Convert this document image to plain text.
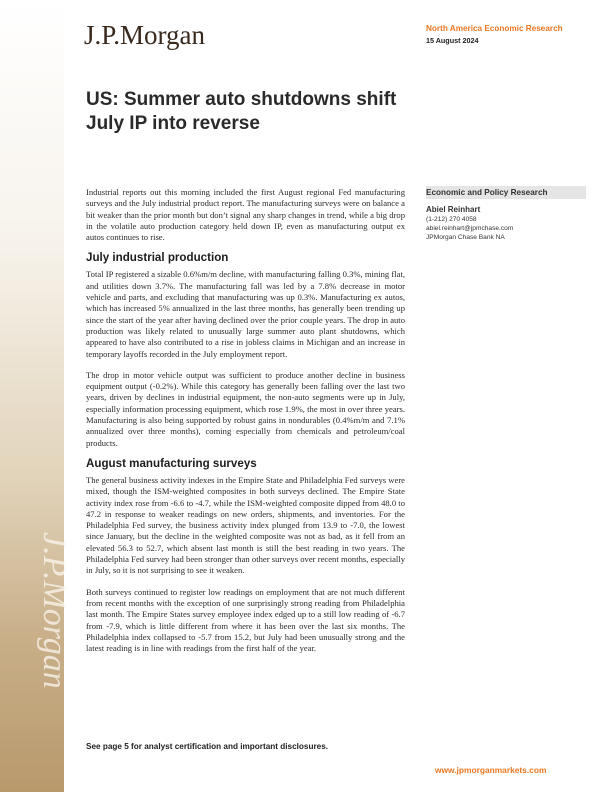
J.P.Morgan
J.P.Morgan	North America Economic Research
15 August 2024
US: Summer auto shutdowns shift
July IP into reverse

Industrial reports out this morning included the first August regional Fed manufacturing surveys and the July industrial product report. The manufacturing surveys were on balance a bit weaker than the prior month but don’t signal any sharp changes in trend, while a big drop in the volatile auto production category held down IP, even as manufacturing output ex autos continues to rise.

July industrial production

Total IP registered a sizable 0.6%m/m decline, with manufacturing falling 0.3%, mining flat, and utilities down 3.7%. The manufacturing fall was led by a 7.8% decrease in motor vehicle and parts, and excluding that manufacturing was up 0.3%. Manufacturing ex autos, which has increased 5% annualized in the last three months, has generally been trending up since the start of the year after having declined over the prior couple years. The drop in auto production was likely related to unusually large summer auto plant shutdowns, which appeared to have also contributed to a rise in jobless claims in Michigan and an increase in temporary layoffs recorded in the July employment report.

The drop in motor vehicle output was sufficient to produce another decline in business equipment output (-0.2%). While this category has generally been falling over the last two years, driven by declines in industrial equipment, the non-auto segments were up in July, especially information processing equipment, which rose 1.9%, the most in over three years. Manufacturing is also being supported by robust gains in nondurables (0.4%m/m and 7.1% annualized over three months), coming especially from chemicals and petroleum/coal products.

August manufacturing surveys

The general business activity indexes in the Empire State and Philadelphia Fed surveys were mixed, though the ISM-weighted composites in both surveys declined. The Empire State activity index rose from -6.6 to -4.7, while the ISM-weighted composite dipped from 48.0 to 47.2 in response to weaker readings on new orders, shipments, and inventories. For the Philadelphia Fed survey, the business activity index plunged from 13.9 to -7.0, the lowest since January, but the decline in the weighted composite was not as bad, as it fell from an elevated 56.3 to 52.7, which absent last month is still the best reading in two years. The Philadelphia Fed survey had been stronger than other surveys over recent months, especially in July, so it is not surprising to see it weaken.

Both surveys continued to register low readings on employment that are not much different from recent months with the exception of one surprisingly strong reading from Philadelphia last month. The Empire States survey employee index edged up to a still low reading of -6.7 from -7.9, which is little different from where it has been over the last six months. The Philadelphia index collapsed to -5.7 from 15.2, but July had been unusually strong and the latest reading is in line with readings from the first half of the year.

Economic and Policy Research
Abiel Reinhart
(1-212) 270 4058
abiel.reinhart@jpmchase.com
JPMorgan Chase Bank NA
See page 5 for analyst certification and important disclosures.
www.jpmorganmarkets.com
